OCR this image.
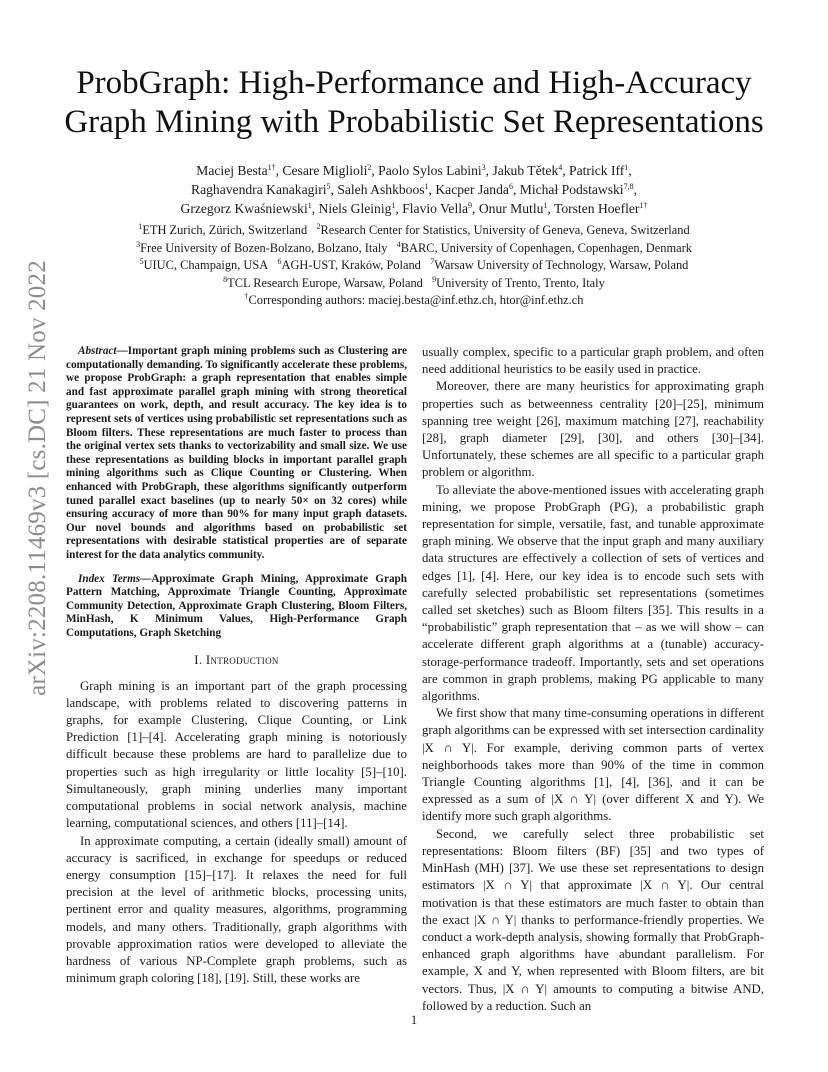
arXiv:2208.11469v3 [cs.DC] 21 Nov 2022
ProbGraph: High-Performance and High-Accuracy Graph Mining with Probabilistic Set Representations
Maciej Besta$^{1\dagger}$, Cesare Miglioli$^2$, Paolo Sylos Labini$^3$, Jakub Tětek$^4$, Patrick Iff$^1$,
Raghavendra Kanakagiri$^5$, Saleh Ashkboos$^1$, Kacper Janda$^6$, Michał Podstawski$^{7,8}$,
Grzegorz Kwaśniewski$^1$, Niels Gleinig$^1$, Flavio Vella$^9$, Onur Mutlu$^1$, Torsten Hoefler$^{1\dagger}$
$^1$ETH Zurich, Zürich, Switzerland $^2$Research Center for Statistics, University of Geneva, Geneva, Switzerland
$^3$Free University of Bozen-Bolzano, Bolzano, Italy $^4$BARC, University of Copenhagen, Copenhagen, Denmark
$^5$UIUC, Champaign, USA $^6$AGH-UST, Kraków, Poland $^7$Warsaw University of Technology, Warsaw, Poland
$^8$TCL Research Europe, Warsaw, Poland $^9$University of Trento, Trento, Italy
†Corresponding authors: maciej.besta@inf.ethz.ch, htor@inf.ethz.ch

Abstract—Important graph mining problems such as Clustering are computationally demanding. To significantly accelerate these problems, we propose ProbGraph: a graph representation that enables simple and fast approximate parallel graph mining with strong theoretical guarantees on work, depth, and result accuracy. The key idea is to represent sets of vertices using probabilistic set representations such as Bloom filters. These representations are much faster to process than the original vertex sets thanks to vectorizability and small size. We use these representations as building blocks in important parallel graph mining algorithms such as Clique Counting or Clustering. When enhanced with ProbGraph, these algorithms significantly outperform tuned parallel exact baselines (up to nearly 50× on 32 cores) while ensuring accuracy of more than 90% for many input graph datasets. Our novel bounds and algorithms based on probabilistic set representations with desirable statistical properties are of separate interest for the data analytics community.

Index Terms—Approximate Graph Mining, Approximate Graph Pattern Matching, Approximate Triangle Counting, Approximate Community Detection, Approximate Graph Clustering, Bloom Filters, MinHash, K Minimum Values, High-Performance Graph Computations, Graph Sketching

I. Introduction

Graph mining is an important part of the graph processing landscape, with problems related to discovering patterns in graphs, for example Clustering, Clique Counting, or Link Prediction [1]–[4]. Accelerating graph mining is notoriously difficult because these problems are hard to parallelize due to properties such as high irregularity or little locality [5]–[10]. Simultaneously, graph mining underlies many important computational problems in social network analysis, machine learning, computational sciences, and others [11]–[14].

In approximate computing, a certain (ideally small) amount of accuracy is sacrificed, in exchange for speedups or reduced energy consumption [15]–[17]. It relaxes the need for full precision at the level of arithmetic blocks, processing units, pertinent error and quality measures, algorithms, programming models, and many others. Traditionally, graph algorithms with provable approximation ratios were developed to alleviate the hardness of various NP-Complete graph problems, such as minimum graph coloring [18], [19]. Still, these works are

usually complex, specific to a particular graph problem, and often need additional heuristics to be easily used in practice.

Moreover, there are many heuristics for approximating graph properties such as betweenness centrality [20]–[25], minimum spanning tree weight [26], maximum matching [27], reachability [28], graph diameter [29], [30], and others [30]–[34]. Unfortunately, these schemes are all specific to a particular graph problem or algorithm.

To alleviate the above-mentioned issues with accelerating graph mining, we propose ProbGraph (PG), a probabilistic graph representation for simple, versatile, fast, and tunable approximate graph mining. We observe that the input graph and many auxiliary data structures are effectively a collection of sets of vertices and edges [1], [4]. Here, our key idea is to encode such sets with carefully selected probabilistic set representations (sometimes called set sketches) such as Bloom filters [35]. This results in a “probabilistic” graph representation that – as we will show – can accelerate different graph algorithms at a (tunable) accuracy-storage-performance tradeoff. Importantly, sets and set operations are common in graph problems, making PG applicable to many algorithms.

We first show that many time-consuming operations in different graph algorithms can be expressed with set intersection cardinality |X ∩ Y|. For example, deriving common parts of vertex neighborhoods takes more than 90% of the time in common Triangle Counting algorithms [1], [4], [36], and it can be expressed as a sum of |X ∩ Y| (over different X and Y). We identify more such graph algorithms.

Second, we carefully select three probabilistic set representations: Bloom filters (BF) [35] and two types of MinHash (MH) [37]. We use these set representations to design estimators |X ∩ Y| that approximate |X ∩ Y|. Our central motivation is that these estimators are much faster to obtain than the exact |X ∩ Y| thanks to performance-friendly properties. We conduct a work-depth analysis, showing formally that ProbGraph-enhanced graph algorithms have abundant parallelism. For example, X and Y, when represented with Bloom filters, are bit vectors. Thus, |X ∩ Y| amounts to computing a bitwise AND, followed by a reduction. Such an

1
